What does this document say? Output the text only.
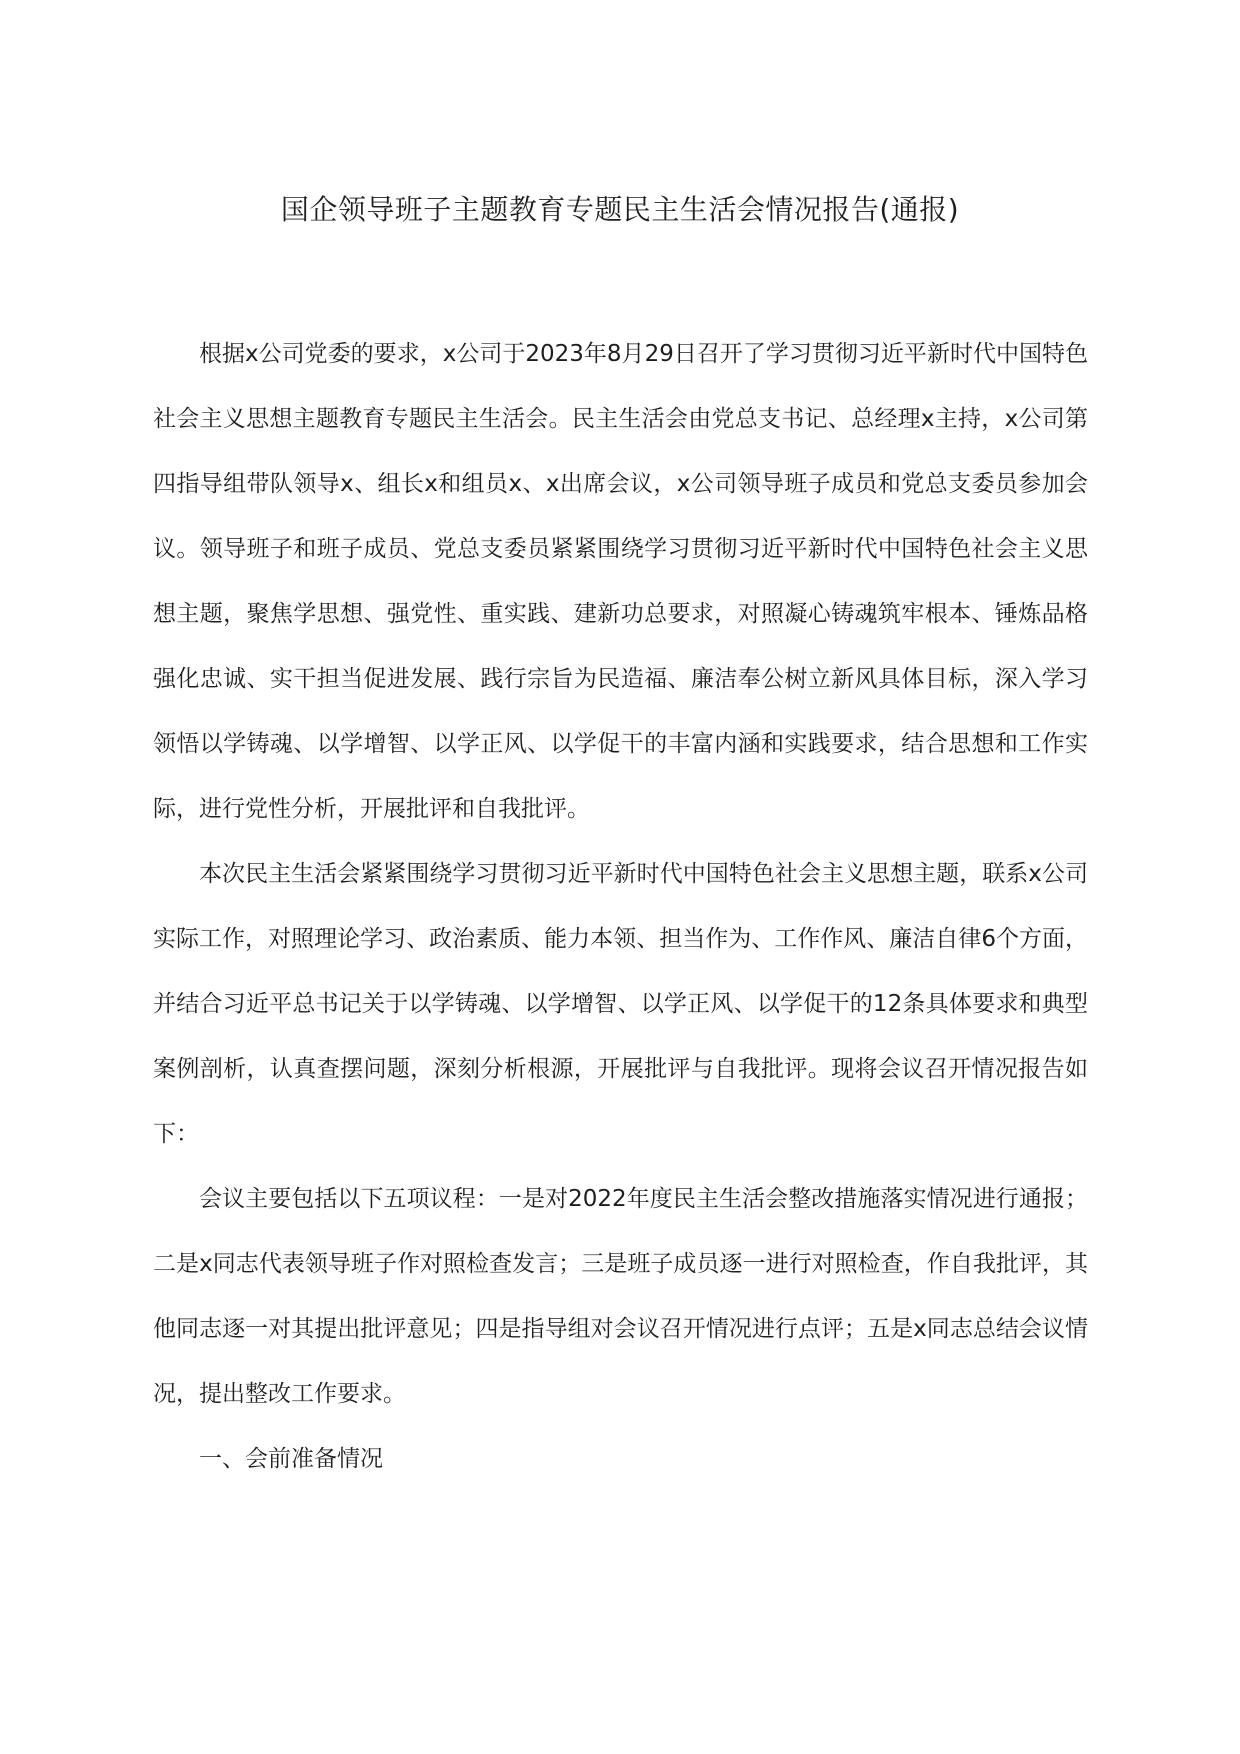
国企领导班子主题教育专题民主生活会情况报告(通报)

根据x公司党委的要求，x公司于2023年8月29日召开了学习贯彻习近平新时代中国特色社会主义思想主题教育专题民主生活会。民主生活会由党总支书记、总经理x主持，x公司第四指导组带队领导x、组长x和组员x、x出席会议，x公司领导班子成员和党总支委员参加会议。领导班子和班子成员、党总支委员紧紧围绕学习贯彻习近平新时代中国特色社会主义思想主题，聚焦学思想、强党性、重实践、建新功总要求，对照凝心铸魂筑牢根本、锤炼品格强化忠诚、实干担当促进发展、践行宗旨为民造福、廉洁奉公树立新风具体目标，深入学习领悟以学铸魂、以学增智、以学正风、以学促干的丰富内涵和实践要求，结合思想和工作实际，进行党性分析，开展批评和自我批评。

本次民主生活会紧紧围绕学习贯彻习近平新时代中国特色社会主义思想主题，联系x公司实际工作，对照理论学习、政治素质、能力本领、担当作为、工作作风、廉洁自律6个方面，并结合习近平总书记关于以学铸魂、以学增智、以学正风、以学促干的12条具体要求和典型案例剖析，认真查摆问题，深刻分析根源，开展批评与自我批评。现将会议召开情况报告如下：

会议主要包括以下五项议程：一是对2022年度民主生活会整改措施落实情况进行通报；二是x同志代表领导班子作对照检查发言；三是班子成员逐一进行对照检查，作自我批评，其他同志逐一对其提出批评意见；四是指导组对会议召开情况进行点评；五是x同志总结会议情况，提出整改工作要求。

一、会前准备情况
